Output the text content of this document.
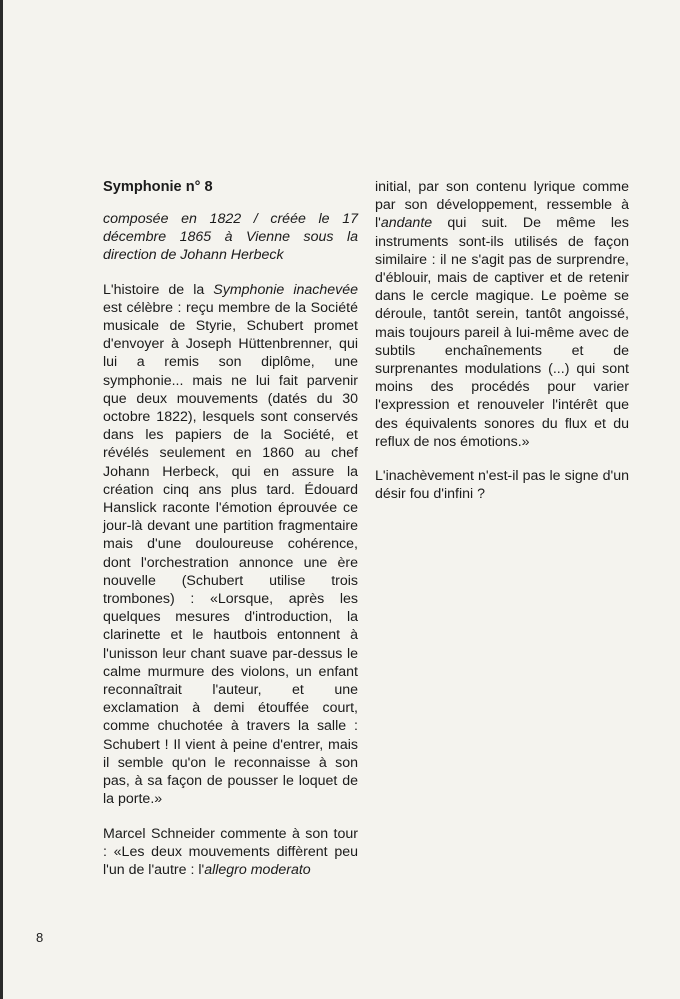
Symphonie n° 8
composée en 1822 / créée le 17 décembre 1865 à Vienne sous la direction de Johann Herbeck

L'histoire de la Symphonie inachevée est célèbre : reçu membre de la Société musicale de Styrie, Schubert promet d'envoyer à Joseph Hüttenbrenner, qui lui a remis son diplôme, une symphonie... mais ne lui fait parvenir que deux mouvements (datés du 30 octobre 1822), lesquels sont conservés dans les papiers de la Société, et révélés seulement en 1860 au chef Johann Herbeck, qui en assure la création cinq ans plus tard. Édouard Hanslick raconte l'émotion éprouvée ce jour-là devant une partition fragmentaire mais d'une douloureuse cohérence, dont l'orchestration annonce une ère nouvelle (Schubert utilise trois trombones) : «Lorsque, après les quelques mesures d'introduction, la clarinette et le hautbois entonnent à l'unisson leur chant suave par-dessus le calme murmure des violons, un enfant reconnaîtrait l'auteur, et une exclamation à demi étouffée court, comme chuchotée à travers la salle : Schubert ! Il vient à peine d'entrer, mais il semble qu'on le reconnaisse à son pas, à sa façon de pousser le loquet de la porte.»

Marcel Schneider commente à son tour : «Les deux mouvements diffèrent peu l'un de l'autre : l'allegro moderato

initial, par son contenu lyrique comme par son développement, ressemble à l'andante qui suit. De même les instruments sont-ils utilisés de façon similaire : il ne s'agit pas de surprendre, d'éblouir, mais de captiver et de retenir dans le cercle magique. Le poème se déroule, tantôt serein, tantôt angoissé, mais toujours pareil à lui-même avec de subtils enchaînements et de surprenantes modulations (...) qui sont moins des procédés pour varier l'expression et renouveler l'intérêt que des équivalents sonores du flux et du reflux de nos émotions.»

L'inachèvement n'est-il pas le signe d'un désir fou d'infini ?

8
